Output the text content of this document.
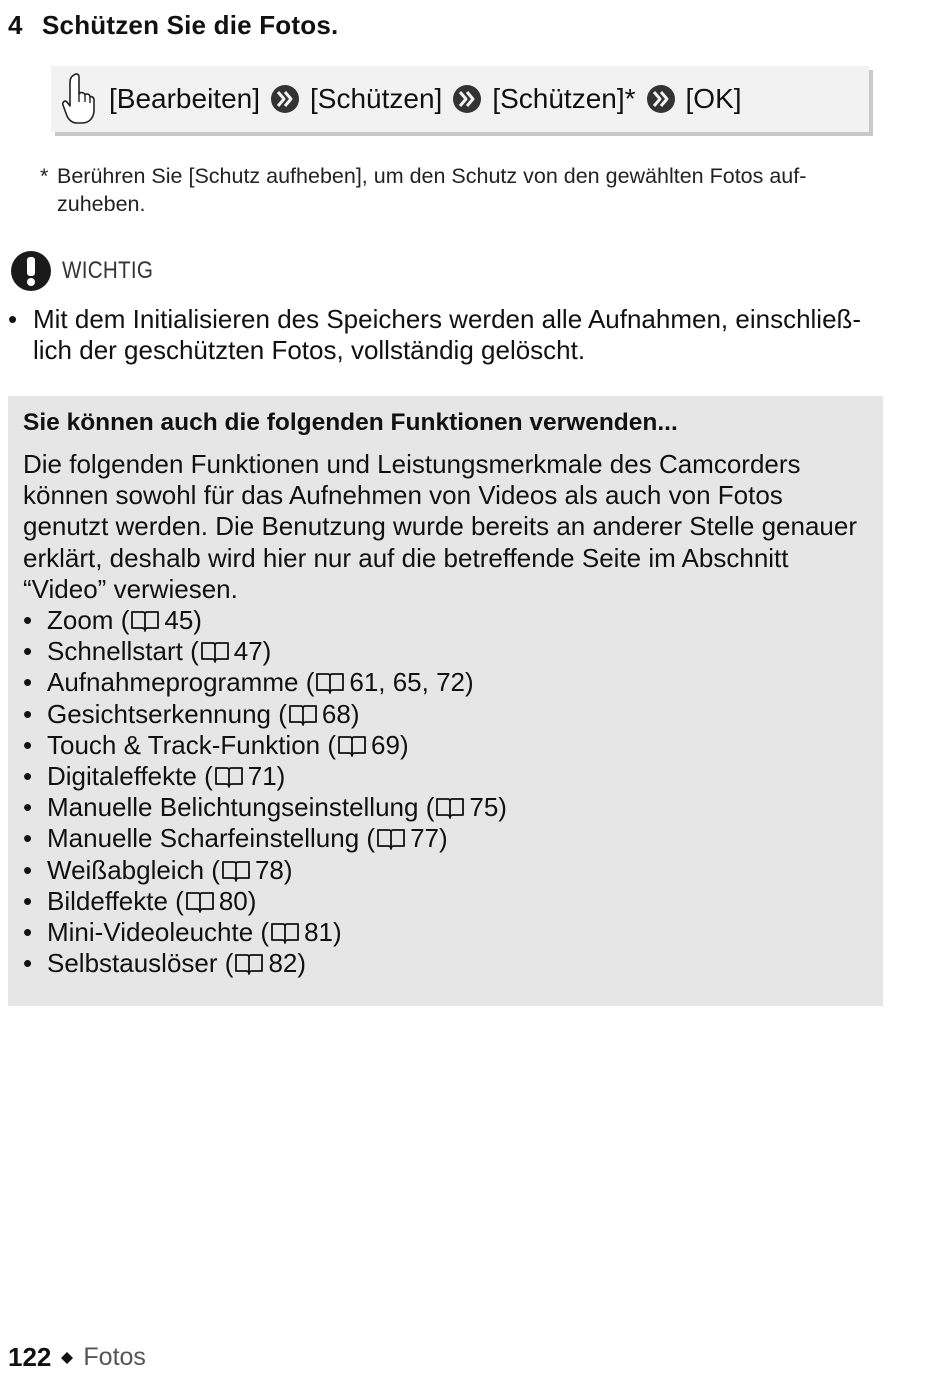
4 Schützen Sie die Fotos.
[Bearbeiten] [Schützen] [Schützen]* [OK]
* Berühren Sie [Schutz aufheben], um den Schutz von den gewählten Fotos auf-zuheben.
WICHTIG
• Mit dem Initialisieren des Speichers werden alle Aufnahmen, einschließ-lich der geschützten Fotos, vollständig gelöscht.
Sie können auch die folgenden Funktionen verwenden...

Die folgenden Funktionen und Leistungsmerkmale des Camcorders können sowohl für das Aufnehmen von Videos als auch von Fotos genutzt werden. Die Benutzung wurde bereits an anderer Stelle genauer erklärt, deshalb wird hier nur auf die betreffende Seite im Abschnitt “Video” verwiesen.

• Zoom ( 45)
• Schnellstart ( 47)
• Aufnahmeprogramme ( 61, 65, 72)
• Gesichtserkennung ( 68)
• Touch & Track-Funktion ( 69)
• Digitaleffekte ( 71)
• Manuelle Belichtungseinstellung ( 75)
• Manuelle Scharfeinstellung ( 77)
• Weißabgleich ( 78)
• Bildeffekte ( 80)
• Mini-Videoleuchte ( 81)
• Selbstauslöser ( 82)
122 Fotos
